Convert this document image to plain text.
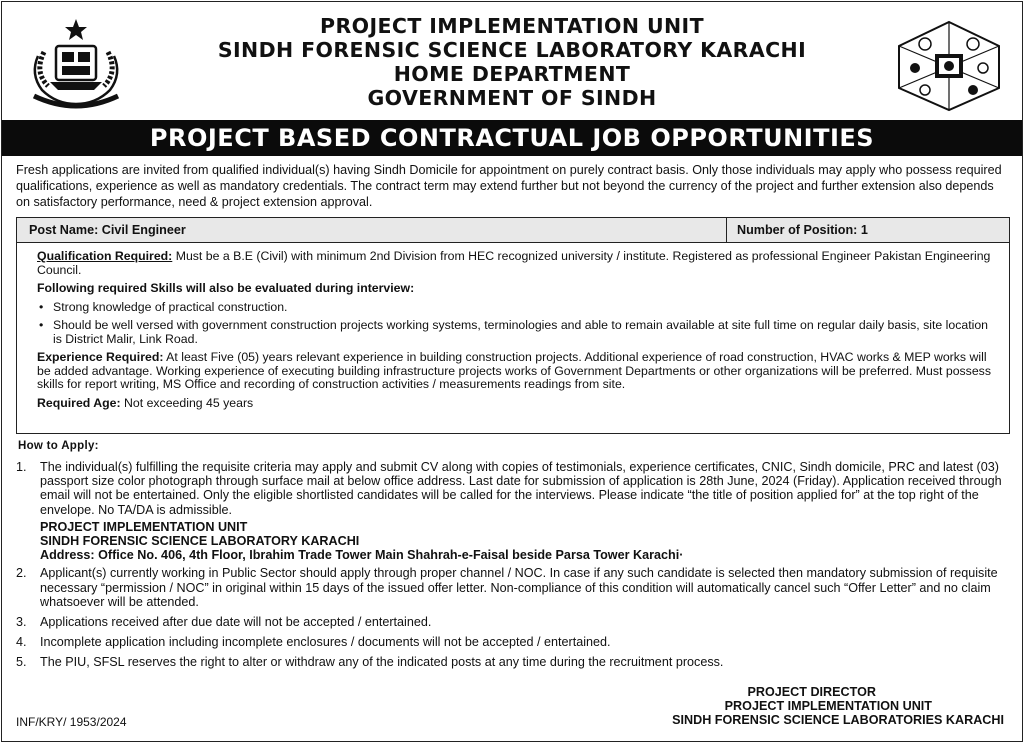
PROJECT IMPLEMENTATION UNIT
SINDH FORENSIC SCIENCE LABORATORY KARACHI
HOME DEPARTMENT
GOVERNMENT OF SINDH
PROJECT BASED CONTRACTUAL JOB OPPORTUNITIES
Fresh applications are invited from qualified individual(s) having Sindh Domicile for appointment on purely contract basis. Only those individuals may apply who possess required qualifications, experience as well as mandatory credentials. The contract term may extend further but not beyond the currency of the project and further extension also depends on satisfactory performance, need & project extension approval.
Post Name: Civil Engineer	Number of Position: 1

Qualification Required: Must be a B.E (Civil) with minimum 2nd Division from HEC recognized university / institute. Registered as professional Engineer Pakistan Engineering Council.

Following required Skills will also be evaluated during interview:

• Strong knowledge of practical construction.

• Should be well versed with government construction projects working systems, terminologies and able to remain available at site full time on regular daily basis, site location is District Malir, Link Road.

Experience Required: At least Five (05) years relevant experience in building construction projects. Additional experience of road construction, HVAC works & MEP works will be added advantage. Working experience of executing building infrastructure projects works of Government Departments or other organizations will be preferred. Must possess skills for report writing, MS Office and recording of construction activities / measurements readings from site.

Required Age: Not exceeding 45 years

How to Apply:
1. The individual(s) fulfilling the requisite criteria may apply and submit CV along with copies of testimonials, experience certificates, CNIC, Sindh domicile, PRC and latest (03) passport size color photograph through surface mail at below office address. Last date for submission of application is 28th June, 2024 (Friday). Application received through email will not be entertained. Only the eligible shortlisted candidates will be called for the interviews. Please indicate “the title of position applied for” at the top right of the envelope. No TA/DA is admissible.
PROJECT IMPLEMENTATION UNIT
SINDH FORENSIC SCIENCE LABORATORY KARACHI
Address: Office No. 406, 4th Floor, Ibrahim Trade Tower Main Shahrah-e-Faisal beside Parsa Tower Karachi·
2. Applicant(s) currently working in Public Sector should apply through proper channel / NOC. In case if any such candidate is selected then mandatory submission of requisite necessary “permission / NOC” in original within 15 days of the issued offer letter. Non-compliance of this condition will automatically cancel such “Offer Letter” and no claim whatsoever will be attended.
3. Applications received after due date will not be accepted / entertained.
4. Incomplete application including incomplete enclosures / documents will not be accepted / entertained.
5. The PIU, SFSL reserves the right to alter or withdraw any of the indicated posts at any time during the recruitment process.
PROJECT DIRECTOR
PROJECT IMPLEMENTATION UNIT
SINDH FORENSIC SCIENCE LABORATORIES KARACHI
INF/KRY/ 1953/2024
